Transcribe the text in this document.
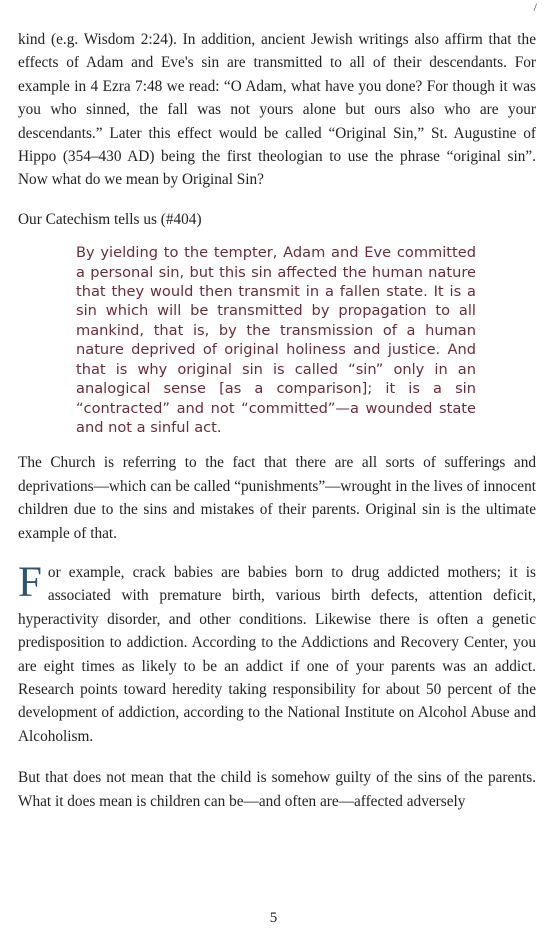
/

kind (e.g. Wisdom 2:24). In addition, ancient Jewish writings also affirm that the effects of Adam and Eve's sin are transmitted to all of their descendants. For example in 4 Ezra 7:48 we read: “O Adam, what have you done? For though it was you who sinned, the fall was not yours alone but ours also who are your descendants.” Later this effect would be called “Original Sin,” St. Augustine of Hippo (354–430 AD) being the first theologian to use the phrase “original sin”. Now what do we mean by Original Sin?

Our Catechism tells us (#404)

By yielding to the tempter, Adam and Eve committed a personal sin, but this sin affected the human nature that they would then transmit in a fallen state. It is a sin which will be transmitted by propagation to all mankind, that is, by the transmission of a human nature deprived of original holiness and justice. And that is why original sin is called “sin” only in an analogical sense [as a comparison]; it is a sin “contracted” and not “committed”—a wounded state and not a sinful act.

The Church is referring to the fact that there are all sorts of sufferings and deprivations—which can be called “punishments”—wrought in the lives of innocent children due to the sins and mistakes of their parents. Original sin is the ultimate example of that.

For example, crack babies are babies born to drug addicted mothers; it is associated with premature birth, various birth defects, attention deficit, hyperactivity disorder, and other conditions. Likewise there is often a genetic predisposition to addiction. According to the Addictions and Recovery Center, you are eight times as likely to be an addict if one of your parents was an addict. Research points toward heredity taking responsibility for about 50 percent of the development of addiction, according to the National Institute on Alcohol Abuse and Alcoholism.

But that does not mean that the child is somehow guilty of the sins of the parents. What it does mean is children can be—and often are—affected adversely

5
